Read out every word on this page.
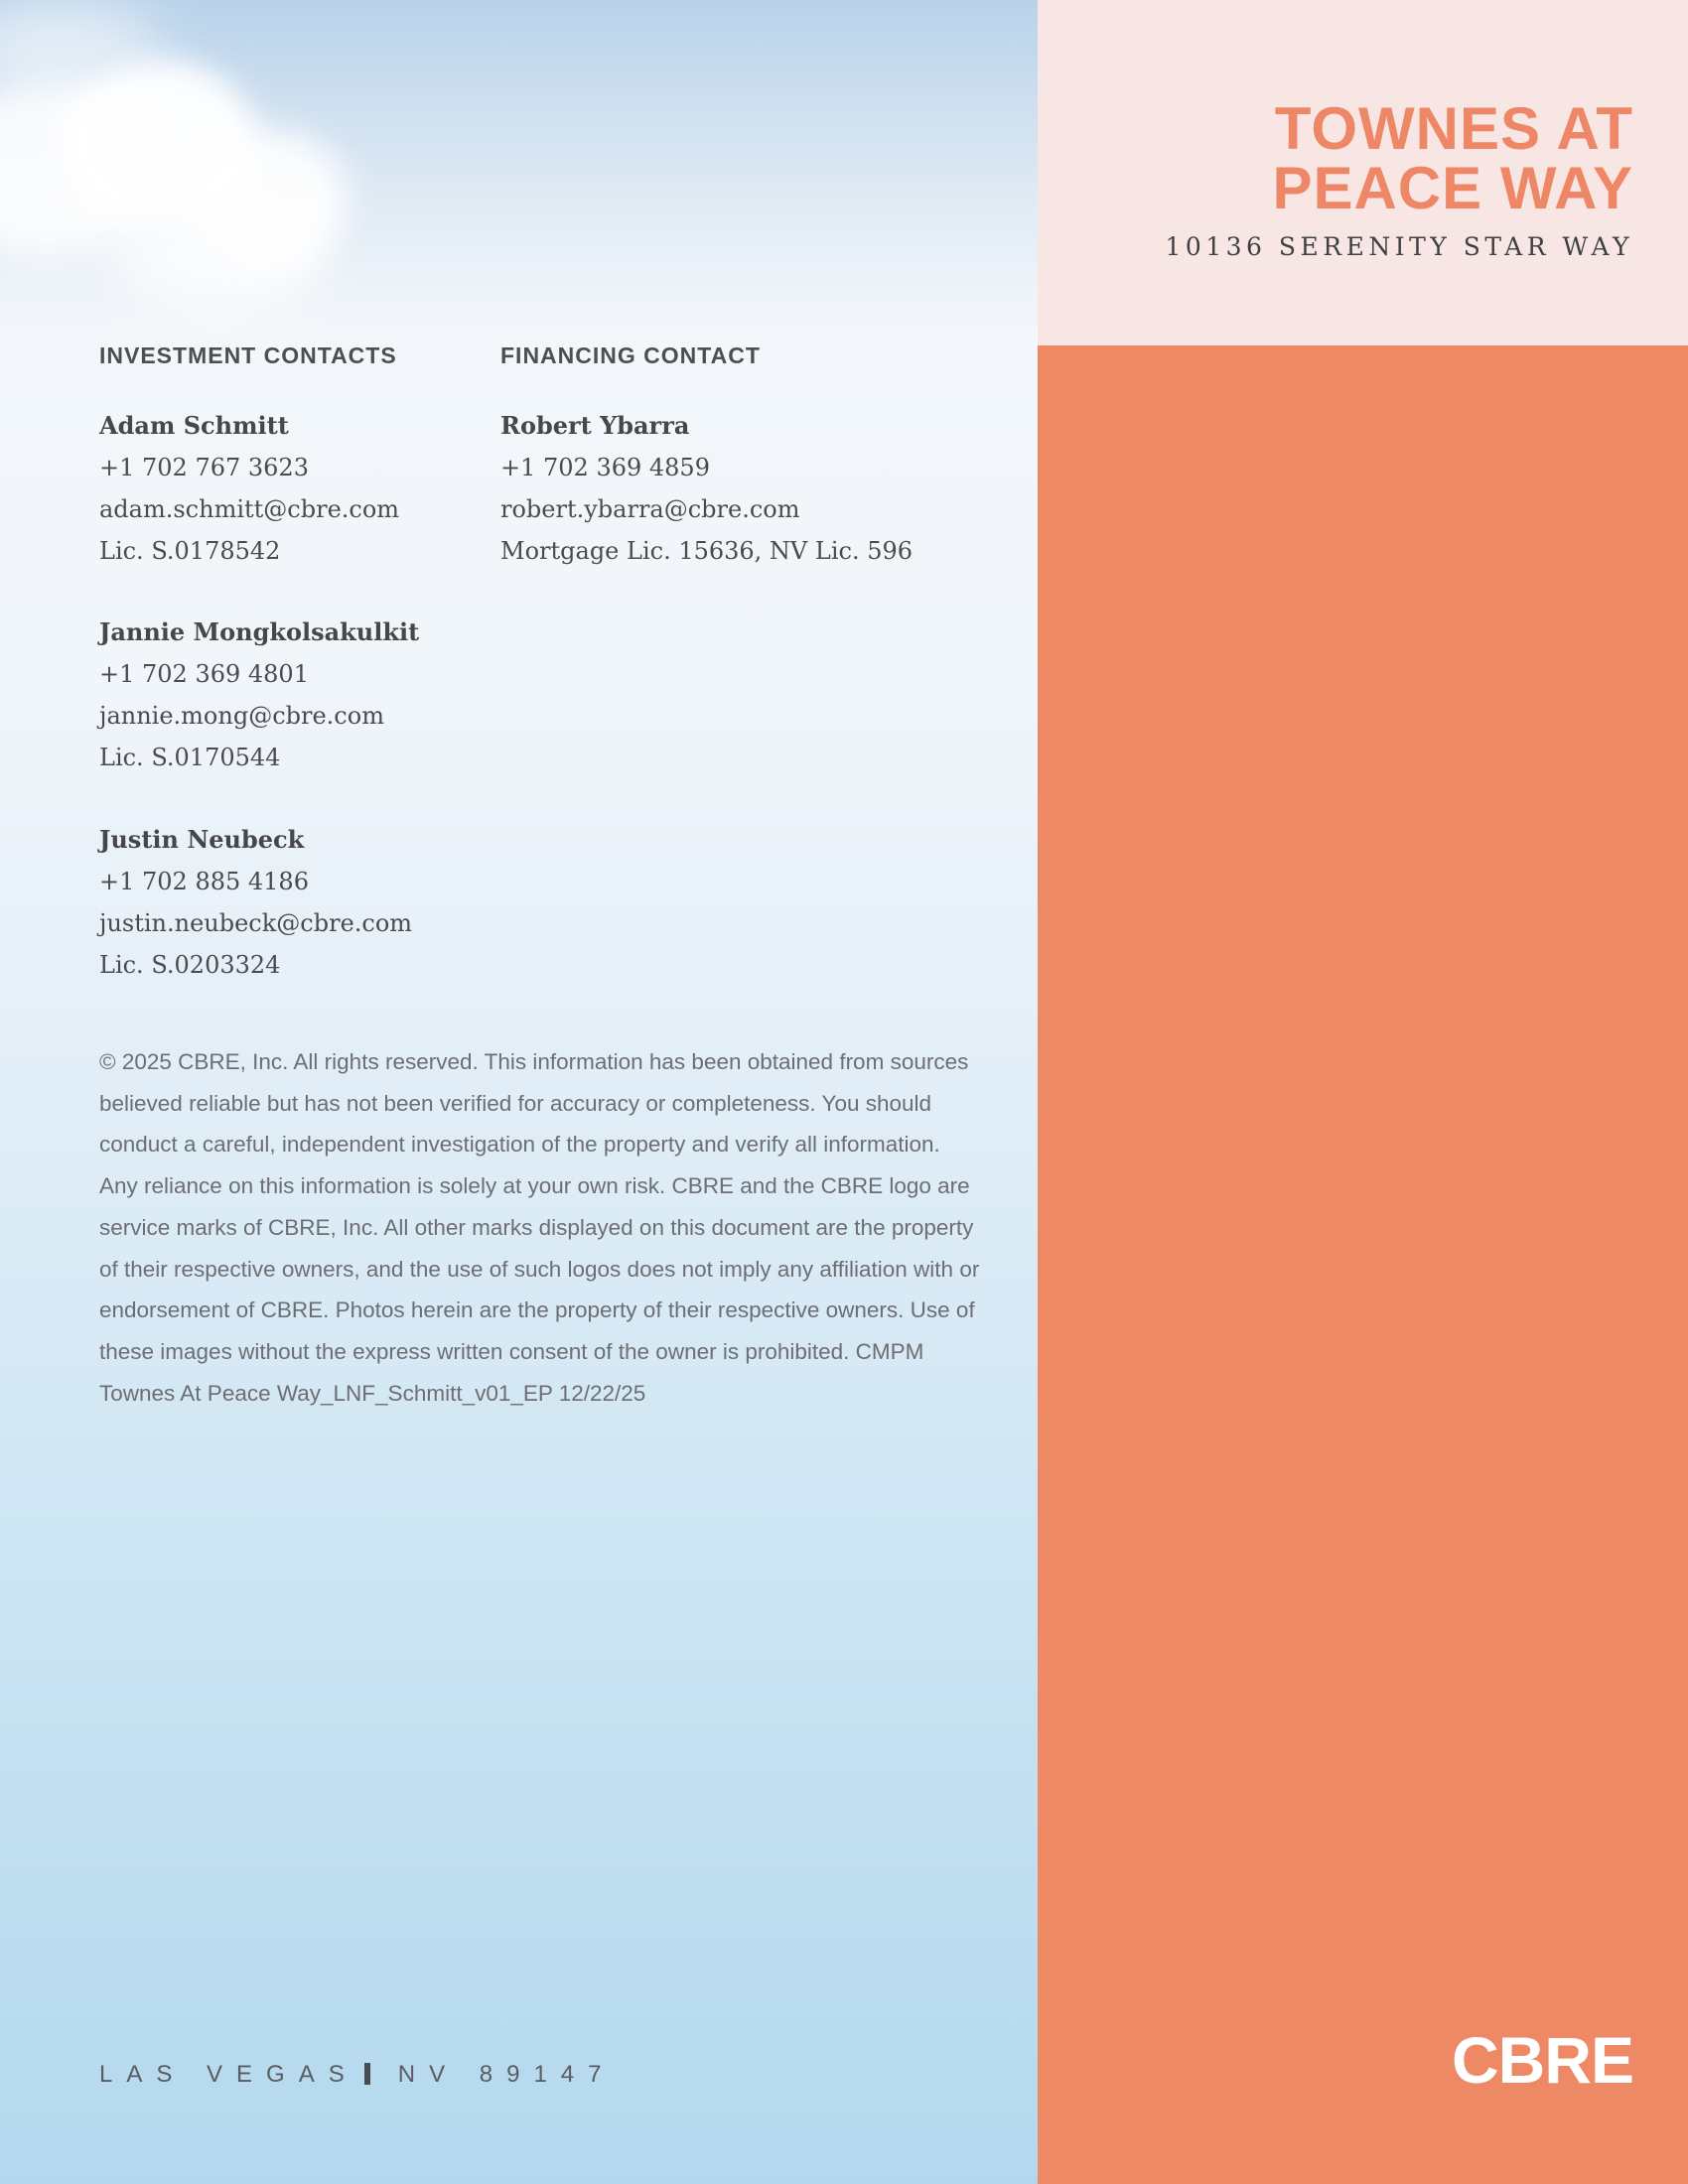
INVESTMENT CONTACTS	FINANCING CONTACT
Adam Schmitt
+1 702 767 3623
adam.schmitt@cbre.com
Lic. S.0178542
Jannie Mongkolsakulkit
+1 702 369 4801
jannie.mong@cbre.com
Lic. S.0170544
Justin Neubeck
+1 702 885 4186
justin.neubeck@cbre.com
Lic. S.0203324
Robert Ybarra
+1 702 369 4859
robert.ybarra@cbre.com
Mortgage Lic. 15636, NV Lic. 596

© 2025 CBRE, Inc. All rights reserved. This information has been obtained from sources believed reliable but has not been verified for accuracy or completeness. You should conduct a careful, independent investigation of the property and verify all information. Any reliance on this information is solely at your own risk. CBRE and the CBRE logo are service marks of CBRE, Inc. All other marks displayed on this document are the property of their respective owners, and the use of such logos does not imply any affiliation with or endorsement of CBRE. Photos herein are the property of their respective owners. Use of these images without the express written consent of the owner is prohibited. CMPM Townes At Peace Way_LNF_Schmitt_v01_EP 12/22/25

LAS VEGAS NV 89147
TOWNES AT
PEACE WAY
10136 SERENITY STAR WAY
CBRE
